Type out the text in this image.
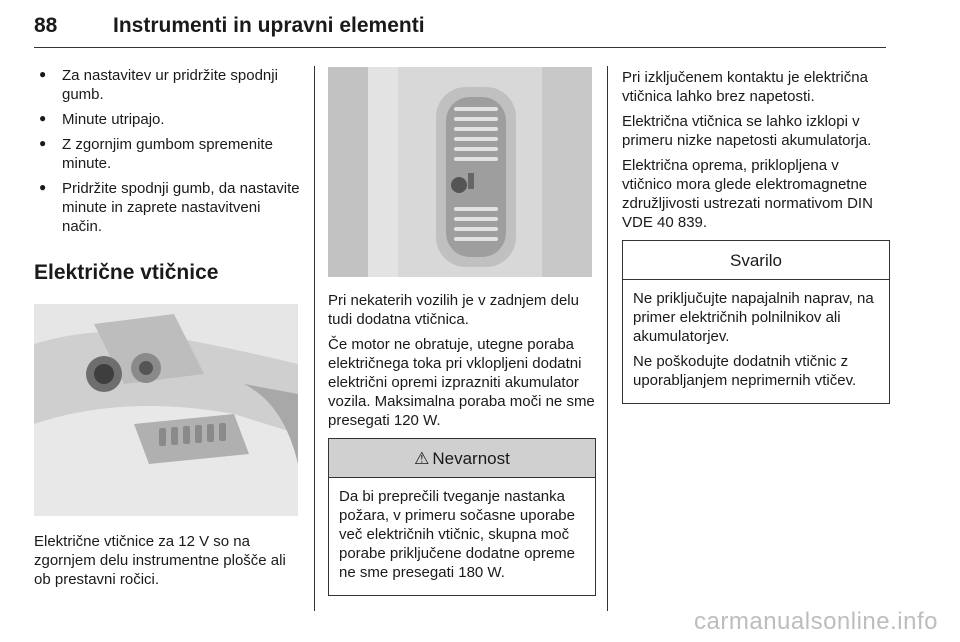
88	Instrumenti in upravni elementi
● Za nastavitev ur pridržite spodnji gumb.
● Minute utripajo.
● Z zgornjim gumbom spremenite minute.
● Pridržite spodnji gumb, da nastavite minute in zaprete nastavitveni način.
Električne vtičnice

Električne vtičnice za 12 V so na zgornjem delu instrumentne plošče ali ob prestavni ročici.

Pri nekaterih vozilih je v zadnjem delu tudi dodatna vtičnica.

Če motor ne obratuje, utegne poraba električnega toka pri vklopljeni dodatni električni opremi izprazniti akumulator vozila. Maksimalna poraba moči ne sme presegati 120 W.

⚠ Nevarnost

Da bi preprečili tveganje nastanka požara, v primeru sočasne uporabe več električnih vtičnic, skupna moč porabe priključene dodatne opreme ne sme presegati 180 W.

Pri izključenem kontaktu je električna vtičnica lahko brez napetosti.

Električna vtičnica se lahko izklopi v primeru nizke napetosti akumulatorja.

Električna oprema, priklopljena v vtičnico mora glede elektromagnetne združljivosti ustrezati normativom DIN VDE 40 839.

Svarilo

Ne priključujte napajalnih naprav, na primer električnih polnilnikov ali akumulatorjev.

Ne poškodujte dodatnih vtičnic z uporabljanjem neprimernih vtičev.

carmanualsonline.info
